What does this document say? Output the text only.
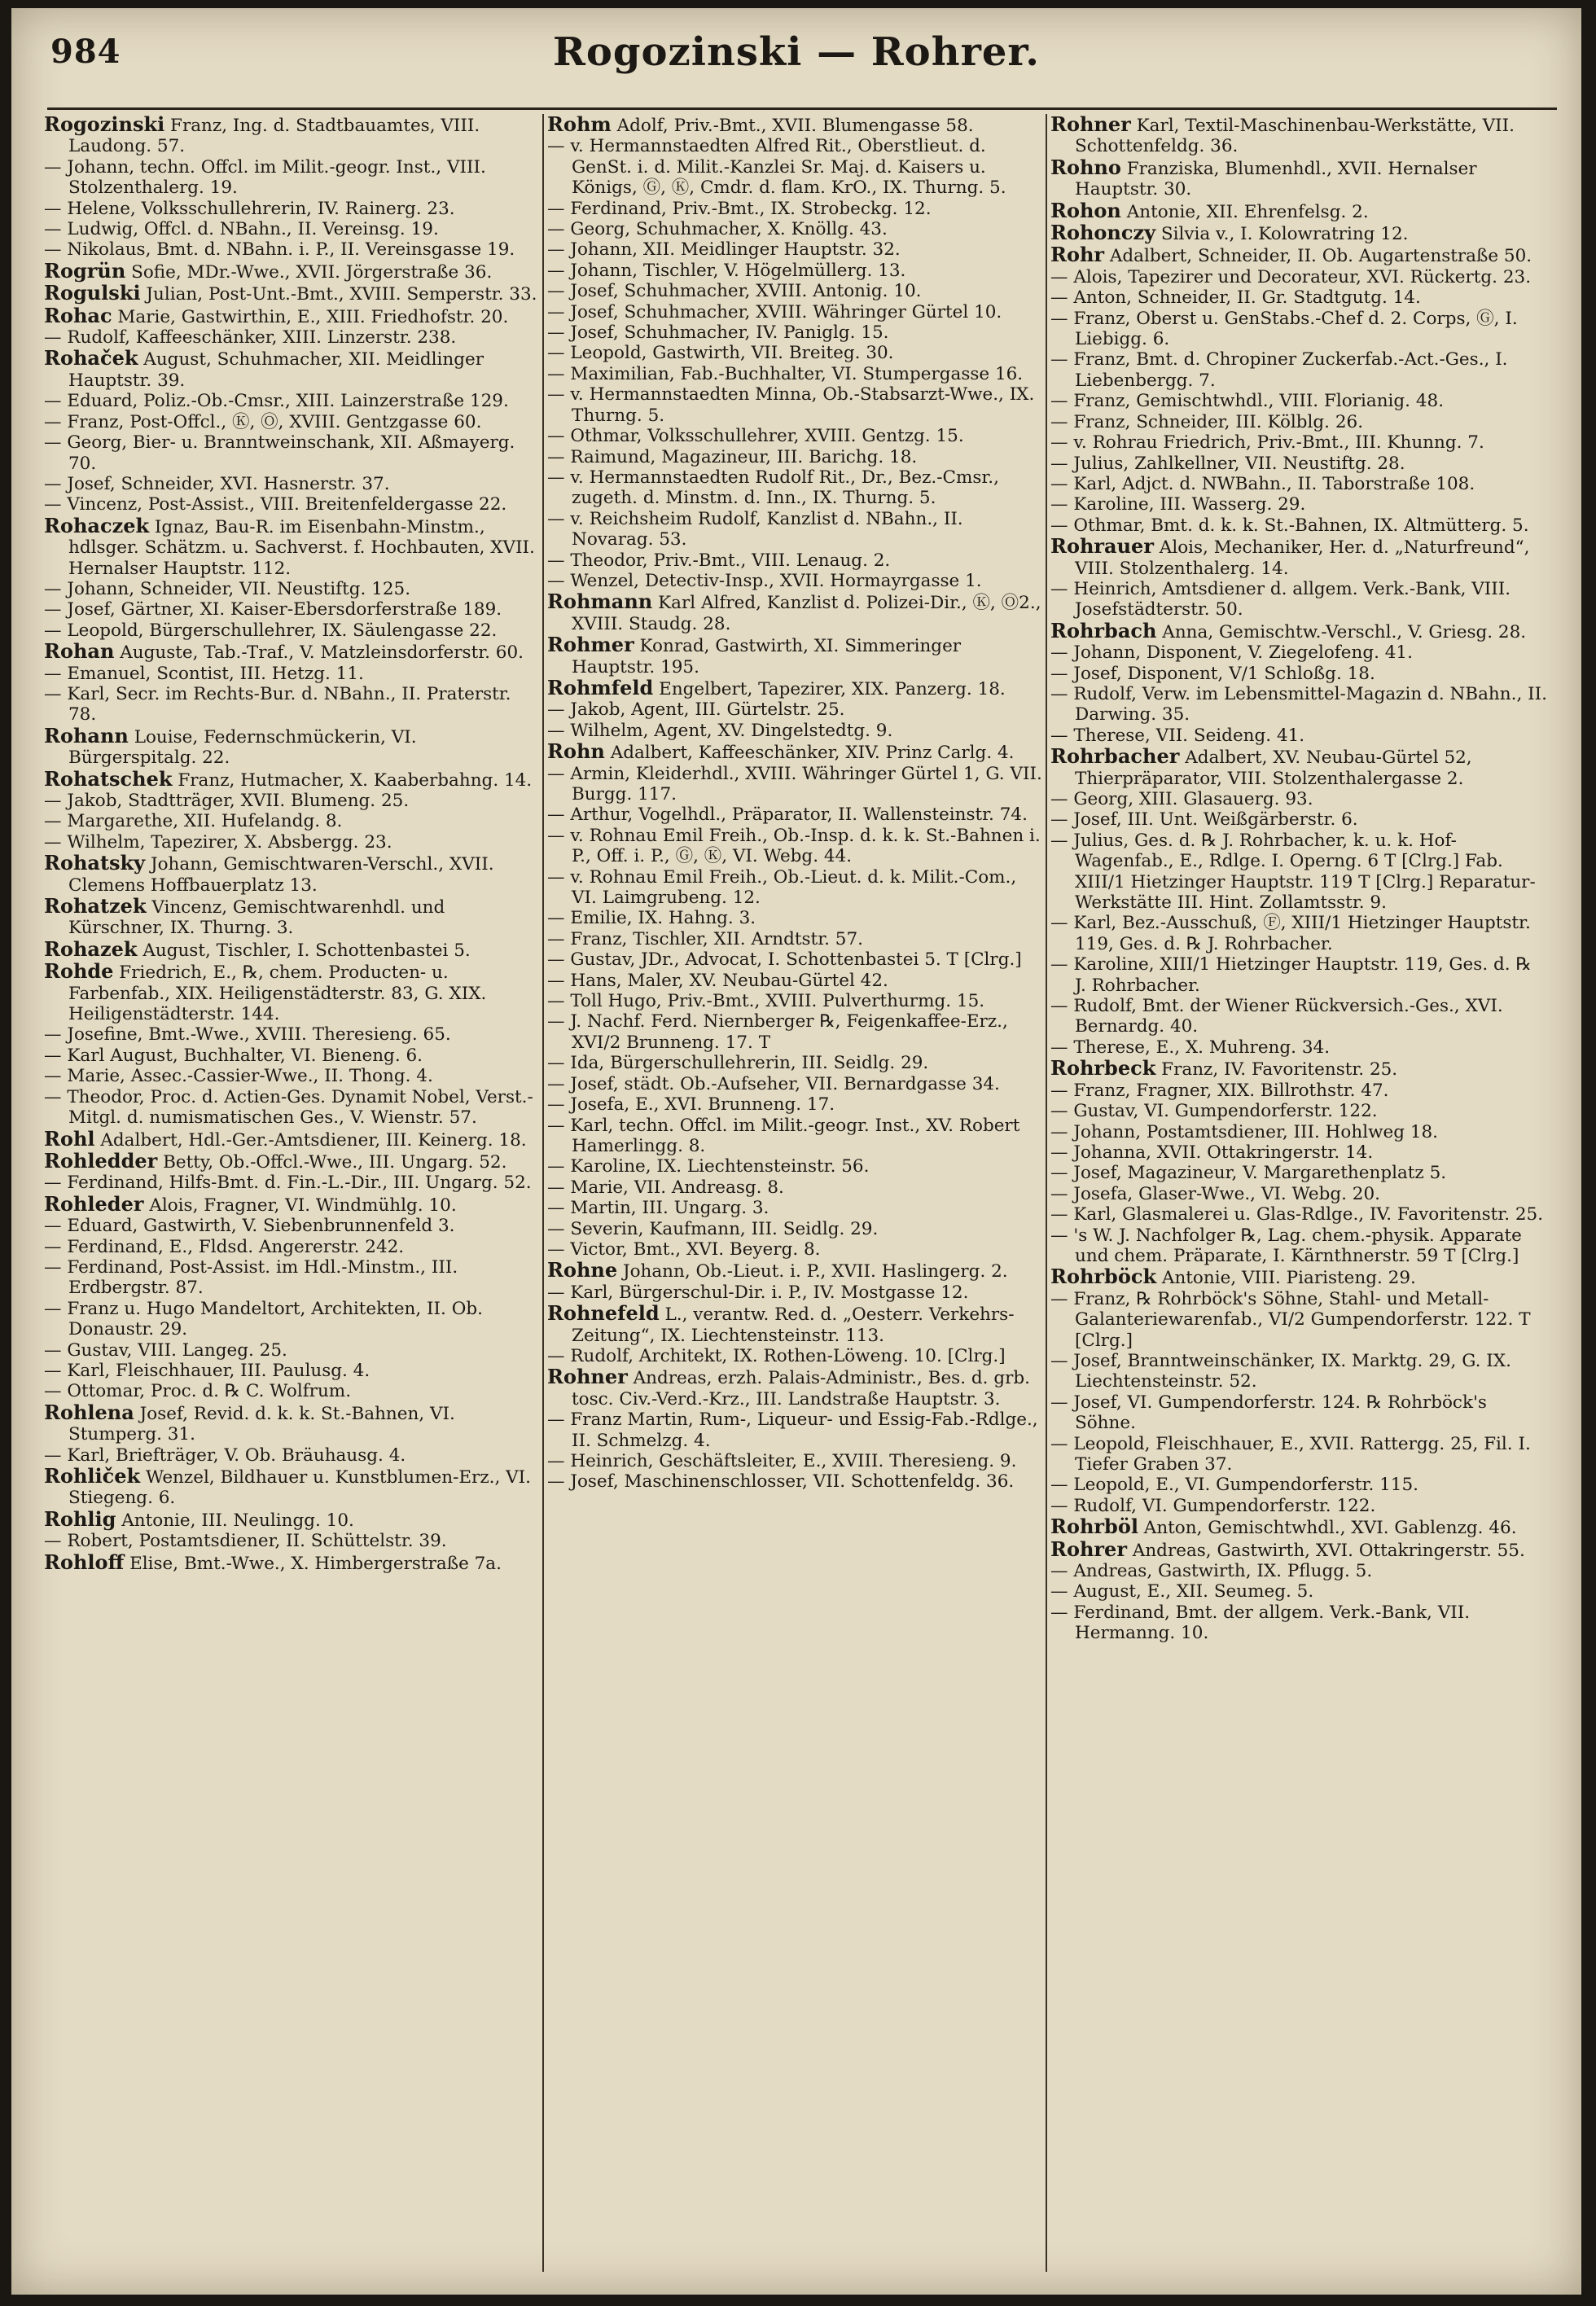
984	Rogozinski — Rohrer.

Rogozinski Franz, Ing. d. Stadtbauamtes, VIII. Laudong. 57.

— Johann, techn. Offcl. im Milit.-geogr. Inst., VIII. Stolzenthalerg. 19.

— Helene, Volksschullehrerin, IV. Rainerg. 23.

— Ludwig, Offcl. d. NBahn., II. Vereinsg. 19.

— Nikolaus, Bmt. d. NBahn. i. P., II. Vereinsgasse 19.

Rogrün Sofie, MDr.-Wwe., XVII. Jörgerstraße 36.

Rogulski Julian, Post-Unt.-Bmt., XVIII. Semperstr. 33.

Rohac Marie, Gastwirthin, E., XIII. Friedhofstr. 20.

— Rudolf, Kaffeeschänker, XIII. Linzerstr. 238.

Rohaček August, Schuhmacher, XII. Meidlinger Hauptstr. 39.

— Eduard, Poliz.-Ob.-Cmsr., XIII. Lainzerstraße 129.

— Franz, Post-Offcl., Ⓚ, Ⓞ, XVIII. Gentzgasse 60.

— Georg, Bier- u. Branntweinschank, XII. Aßmayerg. 70.

— Josef, Schneider, XVI. Hasnerstr. 37.

— Vincenz, Post-Assist., VIII. Breitenfeldergasse 22.

Rohaczek Ignaz, Bau-R. im Eisenbahn-Minstm., hdlsger. Schätzm. u. Sachverst. f. Hochbauten, XVII. Hernalser Hauptstr. 112.

— Johann, Schneider, VII. Neustiftg. 125.

— Josef, Gärtner, XI. Kaiser-Ebersdorferstraße 189.

— Leopold, Bürgerschullehrer, IX. Säulengasse 22.

Rohan Auguste, Tab.-Traf., V. Matzleinsdorferstr. 60.

— Emanuel, Scontist, III. Hetzg. 11.

— Karl, Secr. im Rechts-Bur. d. NBahn., II. Praterstr. 78.

Rohann Louise, Federnschmückerin, VI. Bürgerspitalg. 22.

Rohatschek Franz, Hutmacher, X. Kaaberbahng. 14.

— Jakob, Stadtträger, XVII. Blumeng. 25.

— Margarethe, XII. Hufelandg. 8.

— Wilhelm, Tapezirer, X. Absbergg. 23.

Rohatsky Johann, Gemischtwaren-Verschl., XVII. Clemens Hoffbauerplatz 13.

Rohatzek Vincenz, Gemischtwarenhdl. und Kürschner, IX. Thurng. 3.

Rohazek August, Tischler, I. Schottenbastei 5.

Rohde Friedrich, E., ℞, chem. Producten- u. Farbenfab., XIX. Heiligenstädterstr. 83, G. XIX. Heiligenstädterstr. 144.

— Josefine, Bmt.-Wwe., XVIII. Theresieng. 65.

— Karl August, Buchhalter, VI. Bieneng. 6.

— Marie, Assec.-Cassier-Wwe., II. Thong. 4.

— Theodor, Proc. d. Actien-Ges. Dynamit Nobel, Verst.-Mitgl. d. numismatischen Ges., V. Wienstr. 57.

Rohl Adalbert, Hdl.-Ger.-Amtsdiener, III. Keinerg. 18.

Rohledder Betty, Ob.-Offcl.-Wwe., III. Ungarg. 52.

— Ferdinand, Hilfs-Bmt. d. Fin.-L.-Dir., III. Ungarg. 52.

Rohleder Alois, Fragner, VI. Windmühlg. 10.

— Eduard, Gastwirth, V. Siebenbrunnenfeld 3.

— Ferdinand, E., Fldsd. Angererstr. 242.

— Ferdinand, Post-Assist. im Hdl.-Minstm., III. Erdbergstr. 87.

— Franz u. Hugo Mandeltort, Architekten, II. Ob. Donaustr. 29.

— Gustav, VIII. Langeg. 25.

— Karl, Fleischhauer, III. Paulusg. 4.

— Ottomar, Proc. d. ℞ C. Wolfrum.

Rohlena Josef, Revid. d. k. k. St.-Bahnen, VI. Stumperg. 31.

— Karl, Briefträger, V. Ob. Bräuhausg. 4.

Rohliček Wenzel, Bildhauer u. Kunstblumen-Erz., VI. Stiegeng. 6.

Rohlig Antonie, III. Neulingg. 10.

— Robert, Postamtsdiener, II. Schüttelstr. 39.

Rohloff Elise, Bmt.-Wwe., X. Himbergerstraße 7a.

Rohm Adolf, Priv.-Bmt., XVII. Blumengasse 58.

— v. Hermannstaedten Alfred Rit., Oberstlieut. d. GenSt. i. d. Milit.-Kanzlei Sr. Maj. d. Kaisers u. Königs, Ⓖ, Ⓚ, Cmdr. d. flam. KrO., IX. Thurng. 5.

— Ferdinand, Priv.-Bmt., IX. Strobeckg. 12.

— Georg, Schuhmacher, X. Knöllg. 43.

— Johann, XII. Meidlinger Hauptstr. 32.

— Johann, Tischler, V. Högelmüllerg. 13.

— Josef, Schuhmacher, XVIII. Antonig. 10.

— Josef, Schuhmacher, XVIII. Währinger Gürtel 10.

— Josef, Schuhmacher, IV. Paniglg. 15.

— Leopold, Gastwirth, VII. Breiteg. 30.

— Maximilian, Fab.-Buchhalter, VI. Stumpergasse 16.

— v. Hermannstaedten Minna, Ob.-Stabsarzt-Wwe., IX. Thurng. 5.

— Othmar, Volksschullehrer, XVIII. Gentzg. 15.

— Raimund, Magazineur, III. Barichg. 18.

— v. Hermannstaedten Rudolf Rit., Dr., Bez.-Cmsr., zugeth. d. Minstm. d. Inn., IX. Thurng. 5.

— v. Reichsheim Rudolf, Kanzlist d. NBahn., II. Novarag. 53.

— Theodor, Priv.-Bmt., VIII. Lenaug. 2.

— Wenzel, Detectiv-Insp., XVII. Hormayrgasse 1.

Rohmann Karl Alfred, Kanzlist d. Polizei-Dir., Ⓚ, Ⓞ2., XVIII. Staudg. 28.

Rohmer Konrad, Gastwirth, XI. Simmeringer Hauptstr. 195.

Rohmfeld Engelbert, Tapezirer, XIX. Panzerg. 18.

— Jakob, Agent, III. Gürtelstr. 25.

— Wilhelm, Agent, XV. Dingelstedtg. 9.

Rohn Adalbert, Kaffeeschänker, XIV. Prinz Carlg. 4.

— Armin, Kleiderhdl., XVIII. Währinger Gürtel 1, G. VII. Burgg. 117.

— Arthur, Vogelhdl., Präparator, II. Wallensteinstr. 74.

— v. Rohnau Emil Freih., Ob.-Insp. d. k. k. St.-Bahnen i. P., Off. i. P., Ⓖ, Ⓚ, VI. Webg. 44.

— v. Rohnau Emil Freih., Ob.-Lieut. d. k. Milit.-Com., VI. Laimgrubeng. 12.

— Emilie, IX. Hahng. 3.

— Franz, Tischler, XII. Arndtstr. 57.

— Gustav, JDr., Advocat, I. Schottenbastei 5. T [Clrg.]

— Hans, Maler, XV. Neubau-Gürtel 42.

— Toll Hugo, Priv.-Bmt., XVIII. Pulverthurmg. 15.

— J. Nachf. Ferd. Niernberger ℞, Feigenkaffee-Erz., XVI/2 Brunneng. 17. T

— Ida, Bürgerschullehrerin, III. Seidlg. 29.

— Josef, städt. Ob.-Aufseher, VII. Bernardgasse 34.

— Josefa, E., XVI. Brunneng. 17.

— Karl, techn. Offcl. im Milit.-geogr. Inst., XV. Robert Hamerlingg. 8.

— Karoline, IX. Liechtensteinstr. 56.

— Marie, VII. Andreasg. 8.

— Martin, III. Ungarg. 3.

— Severin, Kaufmann, III. Seidlg. 29.

— Victor, Bmt., XVI. Beyerg. 8.

Rohne Johann, Ob.-Lieut. i. P., XVII. Haslingerg. 2.

— Karl, Bürgerschul-Dir. i. P., IV. Mostgasse 12.

Rohnefeld L., verantw. Red. d. „Oesterr. Verkehrs-Zeitung“, IX. Liechtensteinstr. 113.

— Rudolf, Architekt, IX. Rothen-Löweng. 10. [Clrg.]

Rohner Andreas, erzh. Palais-Administr., Bes. d. grb. tosc. Civ.-Verd.-Krz., III. Landstraße Hauptstr. 3.

— Franz Martin, Rum-, Liqueur- und Essig-Fab.-Rdlge., II. Schmelzg. 4.

— Heinrich, Geschäftsleiter, E., XVIII. Theresieng. 9.

— Josef, Maschinenschlosser, VII. Schottenfeldg. 36.

Rohner Karl, Textil-Maschinenbau-Werkstätte, VII. Schottenfeldg. 36.

Rohno Franziska, Blumenhdl., XVII. Hernalser Hauptstr. 30.

Rohon Antonie, XII. Ehrenfelsg. 2.

Rohonczy Silvia v., I. Kolowratring 12.

Rohr Adalbert, Schneider, II. Ob. Augartenstraße 50.

— Alois, Tapezirer und Decorateur, XVI. Rückertg. 23.

— Anton, Schneider, II. Gr. Stadtgutg. 14.

— Franz, Oberst u. GenStabs.-Chef d. 2. Corps, Ⓖ, I. Liebigg. 6.

— Franz, Bmt. d. Chropiner Zuckerfab.-Act.-Ges., I. Liebenbergg. 7.

— Franz, Gemischtwhdl., VIII. Florianig. 48.

— Franz, Schneider, III. Kölblg. 26.

— v. Rohrau Friedrich, Priv.-Bmt., III. Khunng. 7.

— Julius, Zahlkellner, VII. Neustiftg. 28.

— Karl, Adjct. d. NWBahn., II. Taborstraße 108.

— Karoline, III. Wasserg. 29.

— Othmar, Bmt. d. k. k. St.-Bahnen, IX. Altmütterg. 5.

Rohrauer Alois, Mechaniker, Her. d. „Naturfreund“, VIII. Stolzenthalerg. 14.

— Heinrich, Amtsdiener d. allgem. Verk.-Bank, VIII. Josefstädterstr. 50.

Rohrbach Anna, Gemischtw.-Verschl., V. Griesg. 28.

— Johann, Disponent, V. Ziegelofeng. 41.

— Josef, Disponent, V/1 Schloßg. 18.

— Rudolf, Verw. im Lebensmittel-Magazin d. NBahn., II. Darwing. 35.

— Therese, VII. Seideng. 41.

Rohrbacher Adalbert, XV. Neubau-Gürtel 52, Thierpräparator, VIII. Stolzenthalergasse 2.

— Georg, XIII. Glasauerg. 93.

— Josef, III. Unt. Weißgärberstr. 6.

— Julius, Ges. d. ℞ J. Rohrbacher, k. u. k. Hof-Wagenfab., E., Rdlge. I. Operng. 6 T [Clrg.] Fab. XIII/1 Hietzinger Hauptstr. 119 T [Clrg.] Reparatur-Werkstätte III. Hint. Zollamtsstr. 9.

— Karl, Bez.-Ausschuß, Ⓕ, XIII/1 Hietzinger Hauptstr. 119, Ges. d. ℞ J. Rohrbacher.

— Karoline, XIII/1 Hietzinger Hauptstr. 119, Ges. d. ℞ J. Rohrbacher.

— Rudolf, Bmt. der Wiener Rückversich.-Ges., XVI. Bernardg. 40.

— Therese, E., X. Muhreng. 34.

Rohrbeck Franz, IV. Favoritenstr. 25.

— Franz, Fragner, XIX. Billrothstr. 47.

— Gustav, VI. Gumpendorferstr. 122.

— Johann, Postamtsdiener, III. Hohlweg 18.

— Johanna, XVII. Ottakringerstr. 14.

— Josef, Magazineur, V. Margarethenplatz 5.

— Josefa, Glaser-Wwe., VI. Webg. 20.

— Karl, Glasmalerei u. Glas-Rdlge., IV. Favoritenstr. 25.

— 's W. J. Nachfolger ℞, Lag. chem.-physik. Apparate und chem. Präparate, I. Kärnthnerstr. 59 T [Clrg.]

Rohrböck Antonie, VIII. Piaristeng. 29.

— Franz, ℞ Rohrböck's Söhne, Stahl- und Metall-Galanteriewarenfab., VI/2 Gumpendorferstr. 122. T [Clrg.]

— Josef, Branntweinschänker, IX. Marktg. 29, G. IX. Liechtensteinstr. 52.

— Josef, VI. Gumpendorferstr. 124. ℞ Rohrböck's Söhne.

— Leopold, Fleischhauer, E., XVII. Rattergg. 25, Fil. I. Tiefer Graben 37.

— Leopold, E., VI. Gumpendorferstr. 115.

— Rudolf, VI. Gumpendorferstr. 122.

Rohrböl Anton, Gemischtwhdl., XVI. Gablenzg. 46.

Rohrer Andreas, Gastwirth, XVI. Ottakringerstr. 55.

— Andreas, Gastwirth, IX. Pflugg. 5.

— August, E., XII. Seumeg. 5.

— Ferdinand, Bmt. der allgem. Verk.-Bank, VII. Hermanng. 10.
